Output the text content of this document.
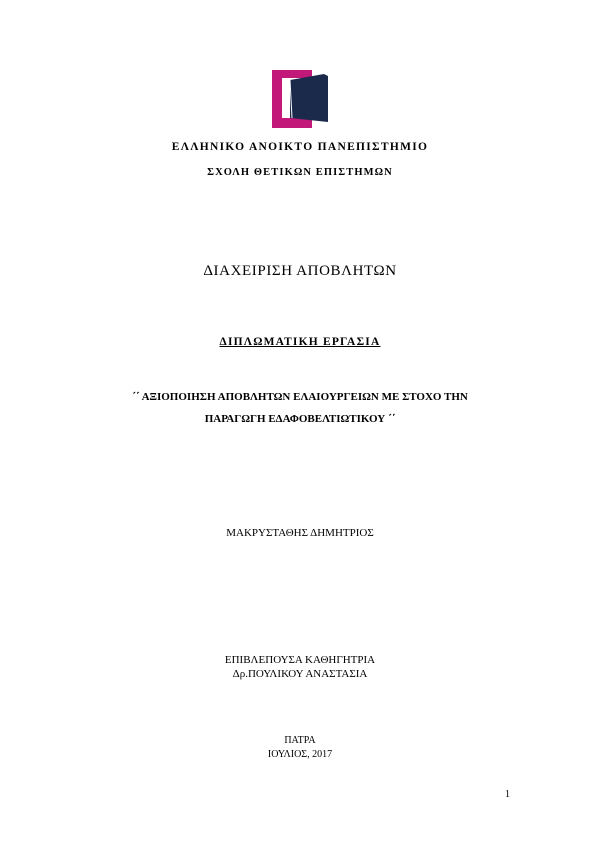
ΕΛΛΗΝΙΚΟ ΑΝΟΙΚΤΟ ΠΑΝΕΠΙΣΤΗΜΙΟ
ΣΧΟΛΗ ΘΕΤΙΚΩΝ ΕΠΙΣΤΗΜΩΝ
ΔΙΑΧΕΙΡΙΣΗ ΑΠΟΒΛΗΤΩΝ
ΔΙΠΛΩΜΑΤΙΚΗ ΕΡΓΑΣΙΑ
΄΄ ΑΞΙΟΠΟΙΗΣΗ ΑΠΟΒΛΗΤΩΝ ΕΛΑΙΟΥΡΓΕΙΩΝ ΜΕ ΣΤΟΧΟ ΤΗΝ
ΠΑΡΑΓΩΓΗ ΕΔΑΦΟΒΕΛΤΙΩΤΙΚΟΥ ΄΄
ΜΑΚΡΥΣΤΑΘΗΣ ΔΗΜΗΤΡΙΟΣ
ΕΠΙΒΛΕΠΟΥΣΑ ΚΑΘΗΓΗΤΡΙΑ
Δρ.ΠΟΥΛΙΚΟΥ ΑΝΑΣΤΑΣΙΑ
ΠΑΤΡΑ
ΙΟΥΛΙΟΣ, 2017
1
